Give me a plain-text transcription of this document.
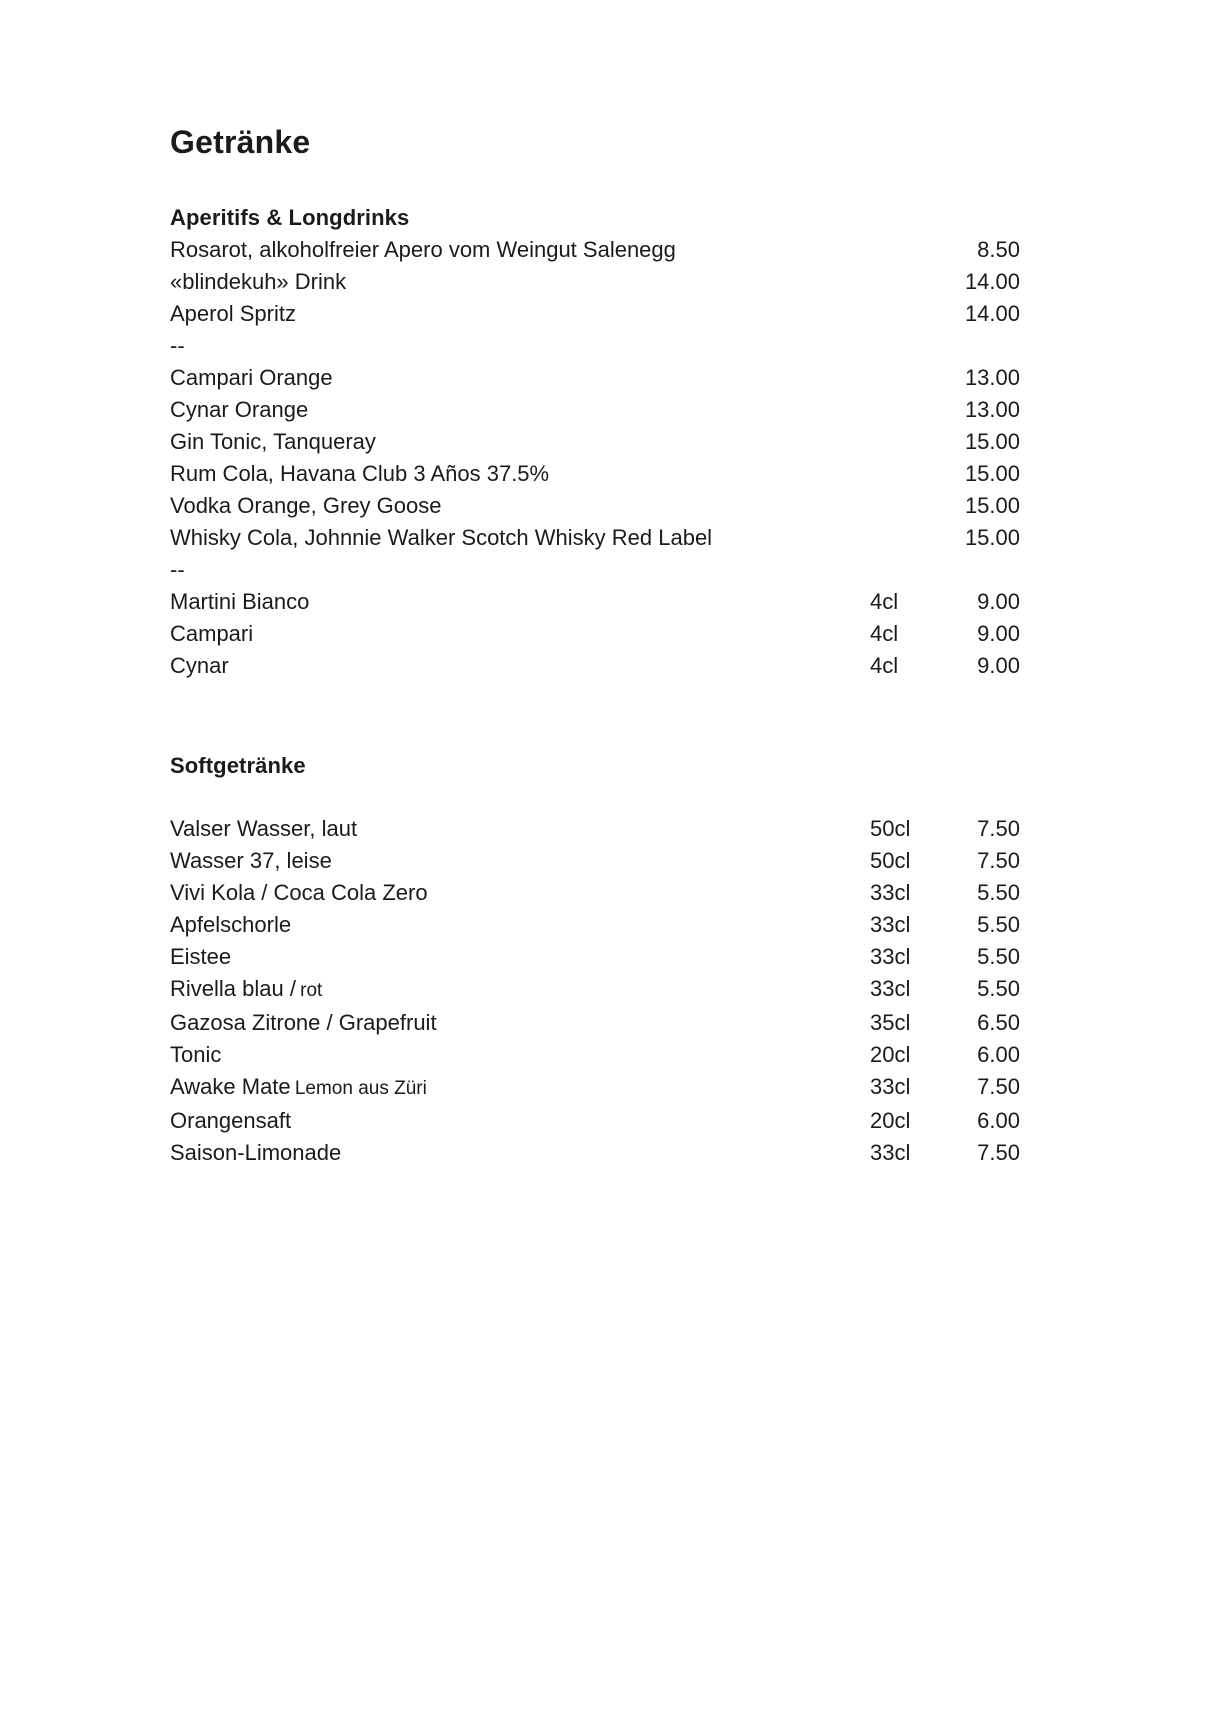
Getränke
Aperitifs & Longdrinks
Rosarot, alkoholfreier Apero vom Weingut Salenegg	8.50
«blindekuh» Drink	14.00
Aperol Spritz	14.00
--
Campari Orange	13.00
Cynar Orange	13.00
Gin Tonic, Tanqueray	15.00
Rum Cola, Havana Club 3 Años 37.5%	15.00
Vodka Orange, Grey Goose	15.00
Whisky Cola, Johnnie Walker Scotch Whisky Red Label	15.00
--
Martini Bianco	4cl	9.00
Campari	4cl	9.00
Cynar	4cl	9.00
Softgetränke
Valser Wasser, laut	50cl	7.50
Wasser 37, leise	50cl	7.50
Vivi Kola / Coca Cola Zero	33cl	5.50
Apfelschorle	33cl	5.50
Eistee	33cl	5.50
Rivella blau / rot	33cl	5.50
Gazosa Zitrone / Grapefruit	35cl	6.50
Tonic	20cl	6.00
Awake Mate Lemon aus Züri	33cl	7.50
Orangensaft	20cl	6.00
Saison-Limonade	33cl	7.50
